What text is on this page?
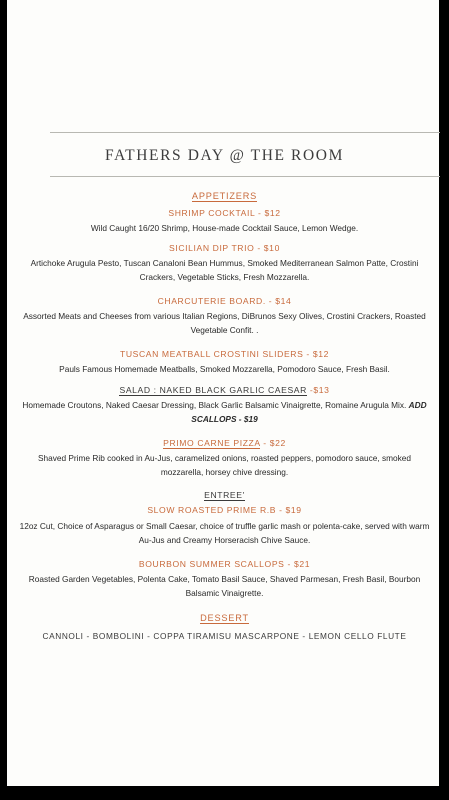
FATHERS DAY @ THE ROOM
APPETIZERS
SHRIMP COCKTAIL - $12
Wild Caught 16/20 Shrimp, House-made Cocktail Sauce, Lemon Wedge.
SICILIAN DIP TRIO - $10
Artichoke Arugula Pesto, Tuscan Canaloni Bean Hummus, Smoked Mediterranean Salmon Patte, Crostini Crackers, Vegetable Sticks, Fresh Mozzarella.
CHARCUTERIE BOARD. - $14
Assorted Meats and Cheeses from various Italian Regions, DiBrunos Sexy Olives, Crostini Crackers, Roasted Vegetable Confit. .
TUSCAN MEATBALL CROSTINI SLIDERS - $12
Pauls Famous Homemade Meatballs, Smoked Mozzarella, Pomodoro Sauce, Fresh Basil.
SALAD : NAKED BLACK GARLIC CAESAR -$13
Homemade Croutons, Naked Caesar Dressing, Black Garlic Balsamic Vinaigrette, Romaine Arugula Mix. ADD SCALLOPS - $19
PRIMO CARNE PIZZA - $22
Shaved Prime Rib cooked in Au-Jus, caramelized onions, roasted peppers, pomodoro sauce, smoked mozzarella, horsey chive dressing.
ENTREE'
SLOW ROASTED PRIME R.B - $19
12oz Cut, Choice of Asparagus or Small Caesar, choice of truffle garlic mash or polenta-cake, served with warm Au-Jus and Creamy Horseracish Chive Sauce.
BOURBON SUMMER SCALLOPS - $21
Roasted Garden Vegetables, Polenta Cake, Tomato Basil Sauce, Shaved Parmesan, Fresh Basil, Bourbon Balsamic Vinaigrette.
DESSERT
CANNOLI - BOMBOLINI - COPPA TIRAMISU MASCARPONE - LEMON CELLO FLUTE
